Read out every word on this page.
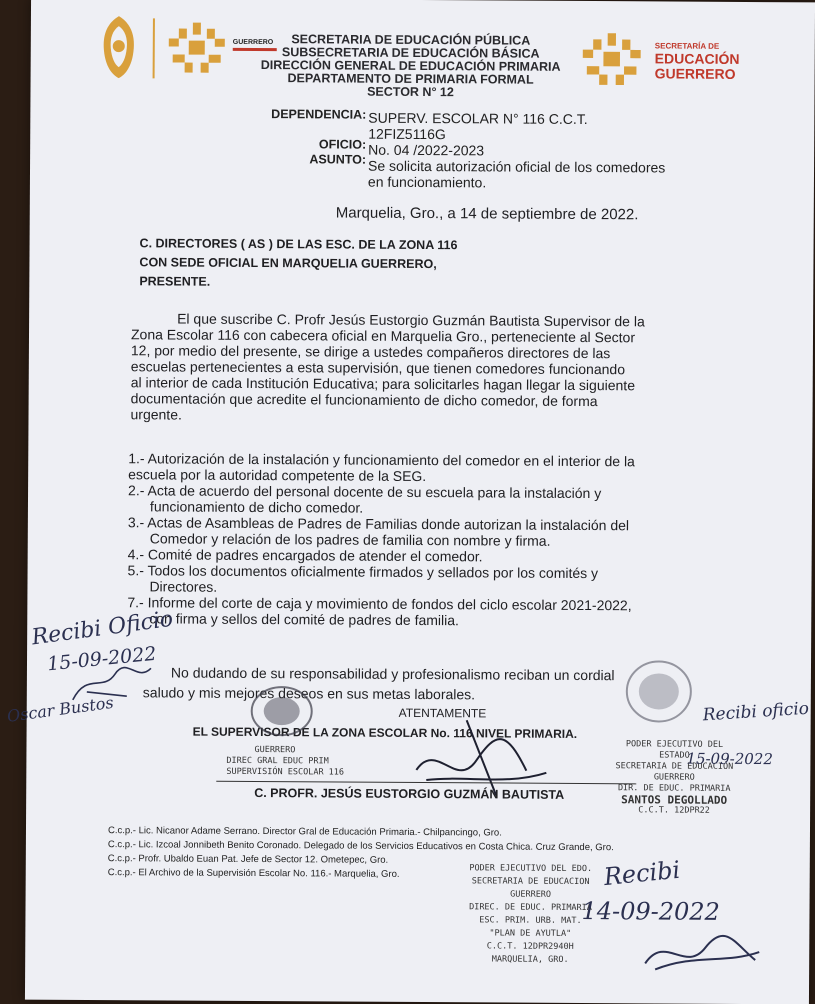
GUERRERO	SECRETARÍA DE
EDUCACIÓN
GUERRERO
SECRETARIA DE EDUCACIÓN PÚBLICA
SUBSECRETARIA DE EDUCACIÓN BÁSICA
DIRECCIÓN GENERAL DE EDUCACIÓN PRIMARIA
DEPARTAMENTO DE PRIMARIA FORMAL
SECTOR N° 12
DEPENDENCIA: SUPERV. ESCOLAR N° 116 C.C.T.
12FIZ5116G
OFICIO: No. 04 /2022-2023
ASUNTO: Se solicita autorización oficial de los comedores
en funcionamiento.
Marquelia, Gro., a 14 de septiembre de 2022.
C. DIRECTORES ( AS ) DE LAS ESC. DE LA ZONA 116
CON SEDE OFICIAL EN MARQUELIA GUERRERO,
PRESENTE.
El que suscribe C. Profr Jesús Eustorgio Guzmán Bautista Supervisor de la
Zona Escolar 116 con cabecera oficial en Marquelia Gro., perteneciente al Sector
12, por medio del presente, se dirige a ustedes compañeros directores de las
escuelas pertenecientes a esta supervisión, que tienen comedores funcionando
al interior de cada Institución Educativa; para solicitarles hagan llegar la siguiente
documentación que acredite el funcionamiento de dicho comedor, de forma
urgente.
1.- Autorización de la instalación y funcionamiento del comedor en el interior de la
escuela por la autoridad competente de la SEG.
2.- Acta de acuerdo del personal docente de su escuela para la instalación y
funcionamiento de dicho comedor.
3.- Actas de Asambleas de Padres de Familias donde autorizan la instalación del
Comedor y relación de los padres de familia con nombre y firma.
4.- Comité de padres encargados de atender el comedor.
5.- Todos los documentos oficialmente firmados y sellados por los comités y
Directores.
7.- Informe del corte de caja y movimiento de fondos del ciclo escolar 2021-2022,
con firma y sellos del comité de padres de familia.
No dudando de su responsabilidad y profesionalismo reciban un cordial
saludo y mis mejores deseos en sus metas laborales.
ATENTAMENTE
EL SUPERVISOR DE LA ZONA ESCOLAR No. 116 NIVEL PRIMARIA.
GUERRERO
DIREC GRAL EDUC PRIM
SUPERVISIÓN ESCOLAR 116
C. PROFR. JESÚS EUSTORGIO GUZMÁN BAUTISTA
PODER EJECUTIVO DEL
ESTADO
SECRETARIA DE EDUCACIÓN
GUERRERO
DIR. DE EDUC. PRIMARIA
SANTOS DEGOLLADO
C.C.T. 12DPR22
C.c.p.- Lic. Nicanor Adame Serrano. Director Gral de Educación Primaria.- Chilpancingo, Gro.
C.c.p.- Lic. Izcoal Jonnibeth Benito Coronado. Delegado de los Servicios Educativos en Costa Chica. Cruz Grande, Gro.
C.c.p.- Profr. Ubaldo Euan Pat. Jefe de Sector 12. Ometepec, Gro.
C.c.p.- El Archivo de la Supervisión Escolar No. 116.- Marquelia, Gro.	PODER EJECUTIVO DEL EDO.
SECRETARIA DE EDUCACION
GUERRERO
DIREC. DE EDUC. PRIMARIA
ESC. PRIM. URB. MAT.
"PLAN DE AYUTLA"
C.C.T. 12DPR2940H
MARQUELIA, GRO.
Recibi Oficio
15-09-2022
Oscar Bustos	Recibi oficio
15-09-2022
Recibi
14-09-2022
